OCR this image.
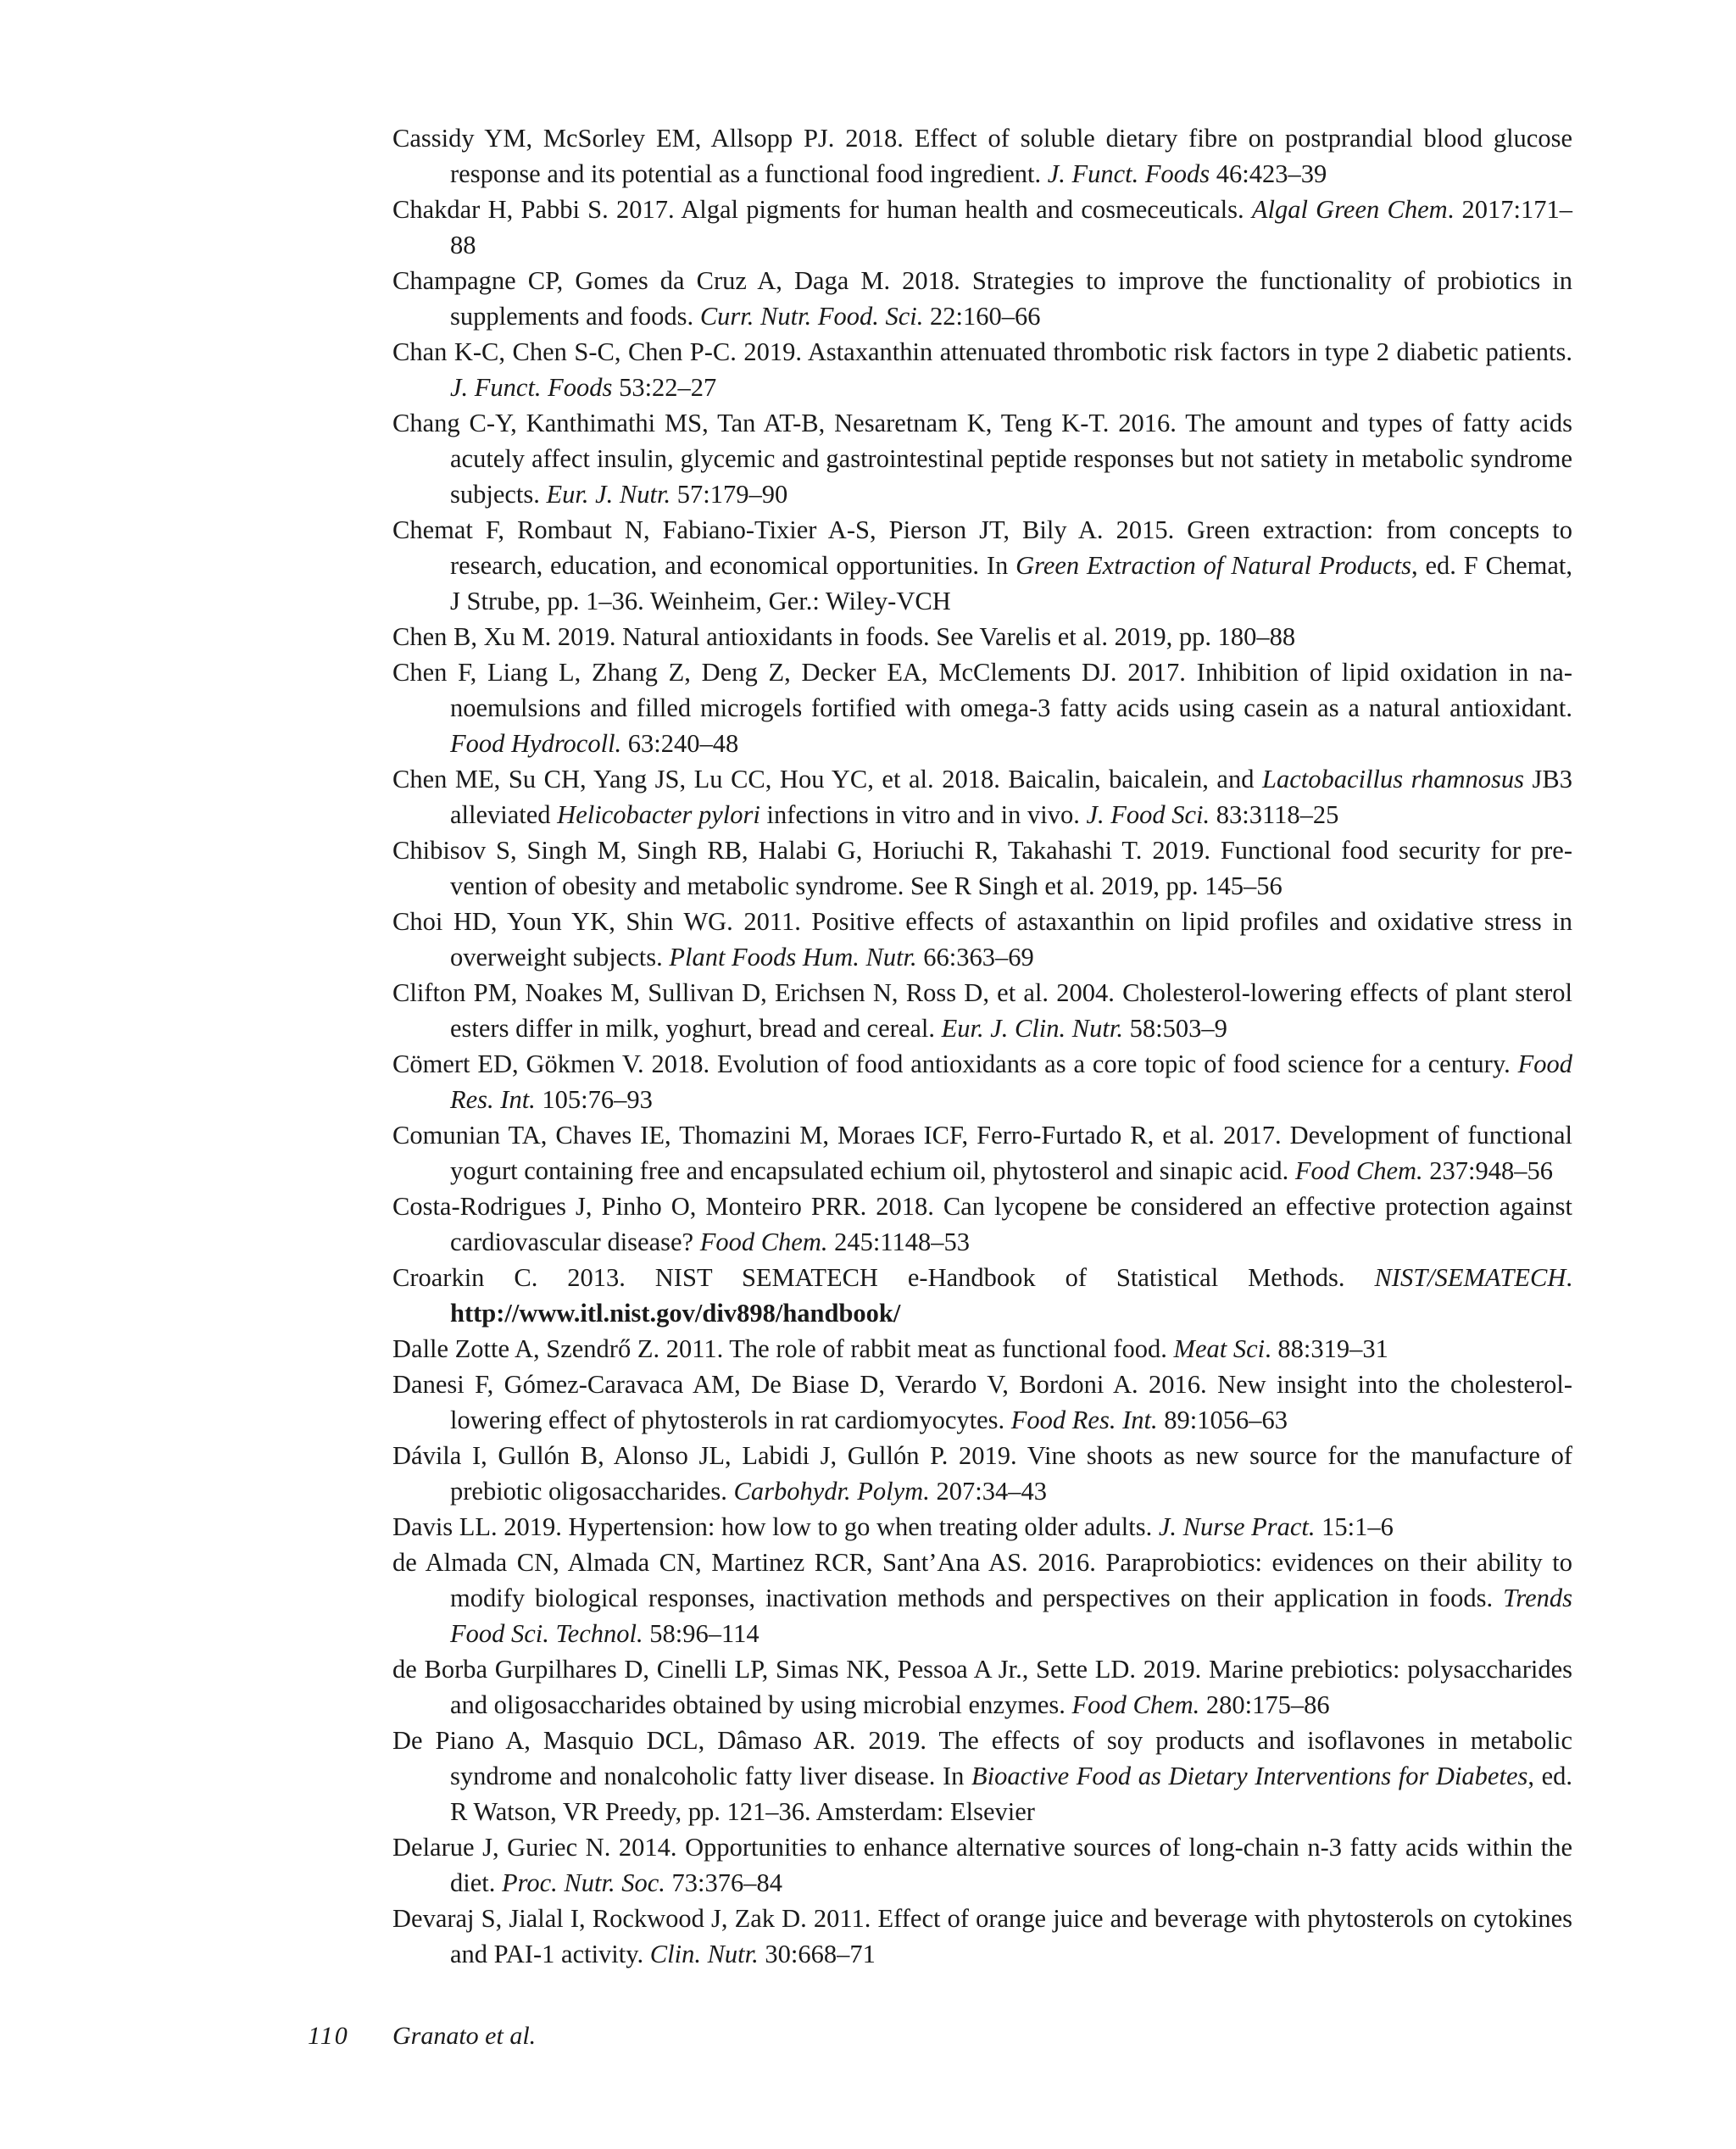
Cassidy YM, McSorley EM, Allsopp PJ. 2018. Effect of soluble dietary fibre on postprandial blood glucose response and its potential as a functional food ingredient. J. Funct. Foods 46:423–39

Chakdar H, Pabbi S. 2017. Algal pigments for human health and cosmeceuticals. Algal Green Chem. 2017:171–88

Champagne CP, Gomes da Cruz A, Daga M. 2018. Strategies to improve the functionality of probiotics in supplements and foods. Curr. Nutr. Food. Sci. 22:160–66

Chan K-C, Chen S-C, Chen P-C. 2019. Astaxanthin attenuated thrombotic risk factors in type 2 diabetic patients. J. Funct. Foods 53:22–27

Chang C-Y, Kanthimathi MS, Tan AT-B, Nesaretnam K, Teng K-T. 2016. The amount and types of fatty acids acutely affect insulin, glycemic and gastrointestinal peptide responses but not satiety in metabolic syndrome subjects. Eur. J. Nutr. 57:179–90

Chemat F, Rombaut N, Fabiano-Tixier A-S, Pierson JT, Bily A. 2015. Green extraction: from concepts to research, education, and economical opportunities. In Green Extraction of Natural Products, ed. F Chemat, J Strube, pp. 1–36. Weinheim, Ger.: Wiley-VCH

Chen B, Xu M. 2019. Natural antioxidants in foods. See Varelis et al. 2019, pp. 180–88

Chen F, Liang L, Zhang Z, Deng Z, Decker EA, McClements DJ. 2017. Inhibition of lipid oxidation in nanoemulsions and filled microgels fortified with omega-3 fatty acids using casein as a natural antioxidant. Food Hydrocoll. 63:240–48

Chen ME, Su CH, Yang JS, Lu CC, Hou YC, et al. 2018. Baicalin, baicalein, and Lactobacillus rhamnosus JB3 alleviated Helicobacter pylori infections in vitro and in vivo. J. Food Sci. 83:3118–25

Chibisov S, Singh M, Singh RB, Halabi G, Horiuchi R, Takahashi T. 2019. Functional food security for prevention of obesity and metabolic syndrome. See R Singh et al. 2019, pp. 145–56

Choi HD, Youn YK, Shin WG. 2011. Positive effects of astaxanthin on lipid profiles and oxidative stress in overweight subjects. Plant Foods Hum. Nutr. 66:363–69

Clifton PM, Noakes M, Sullivan D, Erichsen N, Ross D, et al. 2004. Cholesterol-lowering effects of plant sterol esters differ in milk, yoghurt, bread and cereal. Eur. J. Clin. Nutr. 58:503–9

Cömert ED, Gökmen V. 2018. Evolution of food antioxidants as a core topic of food science for a century. Food Res. Int. 105:76–93

Comunian TA, Chaves IE, Thomazini M, Moraes ICF, Ferro-Furtado R, et al. 2017. Development of functional yogurt containing free and encapsulated echium oil, phytosterol and sinapic acid. Food Chem. 237:948–56

Costa-Rodrigues J, Pinho O, Monteiro PRR. 2018. Can lycopene be considered an effective protection against cardiovascular disease? Food Chem. 245:1148–53

Croarkin C. 2013. NIST SEMATECH e-Handbook of Statistical Methods. NIST/SEMATECH. http://www.itl.nist.gov/div898/handbook/

Dalle Zotte A, Szendrő Z. 2011. The role of rabbit meat as functional food. Meat Sci. 88:319–31

Danesi F, Gómez-Caravaca AM, De Biase D, Verardo V, Bordoni A. 2016. New insight into the cholesterol-lowering effect of phytosterols in rat cardiomyocytes. Food Res. Int. 89:1056–63

Dávila I, Gullón B, Alonso JL, Labidi J, Gullón P. 2019. Vine shoots as new source for the manufacture of prebiotic oligosaccharides. Carbohydr. Polym. 207:34–43

Davis LL. 2019. Hypertension: how low to go when treating older adults. J. Nurse Pract. 15:1–6

de Almada CN, Almada CN, Martinez RCR, Sant’Ana AS. 2016. Paraprobiotics: evidences on their ability to modify biological responses, inactivation methods and perspectives on their application in foods. Trends Food Sci. Technol. 58:96–114

de Borba Gurpilhares D, Cinelli LP, Simas NK, Pessoa A Jr., Sette LD. 2019. Marine prebiotics: polysaccharides and oligosaccharides obtained by using microbial enzymes. Food Chem. 280:175–86

De Piano A, Masquio DCL, Dâmaso AR. 2019. The effects of soy products and isoflavones in metabolic syndrome and nonalcoholic fatty liver disease. In Bioactive Food as Dietary Interventions for Diabetes, ed. R Watson, VR Preedy, pp. 121–36. Amsterdam: Elsevier

Delarue J, Guriec N. 2014. Opportunities to enhance alternative sources of long-chain n-3 fatty acids within the diet. Proc. Nutr. Soc. 73:376–84

Devaraj S, Jialal I, Rockwood J, Zak D. 2011. Effect of orange juice and beverage with phytosterols on cytokines and PAI-1 activity. Clin. Nutr. 30:668–71

110 Granato et al.
